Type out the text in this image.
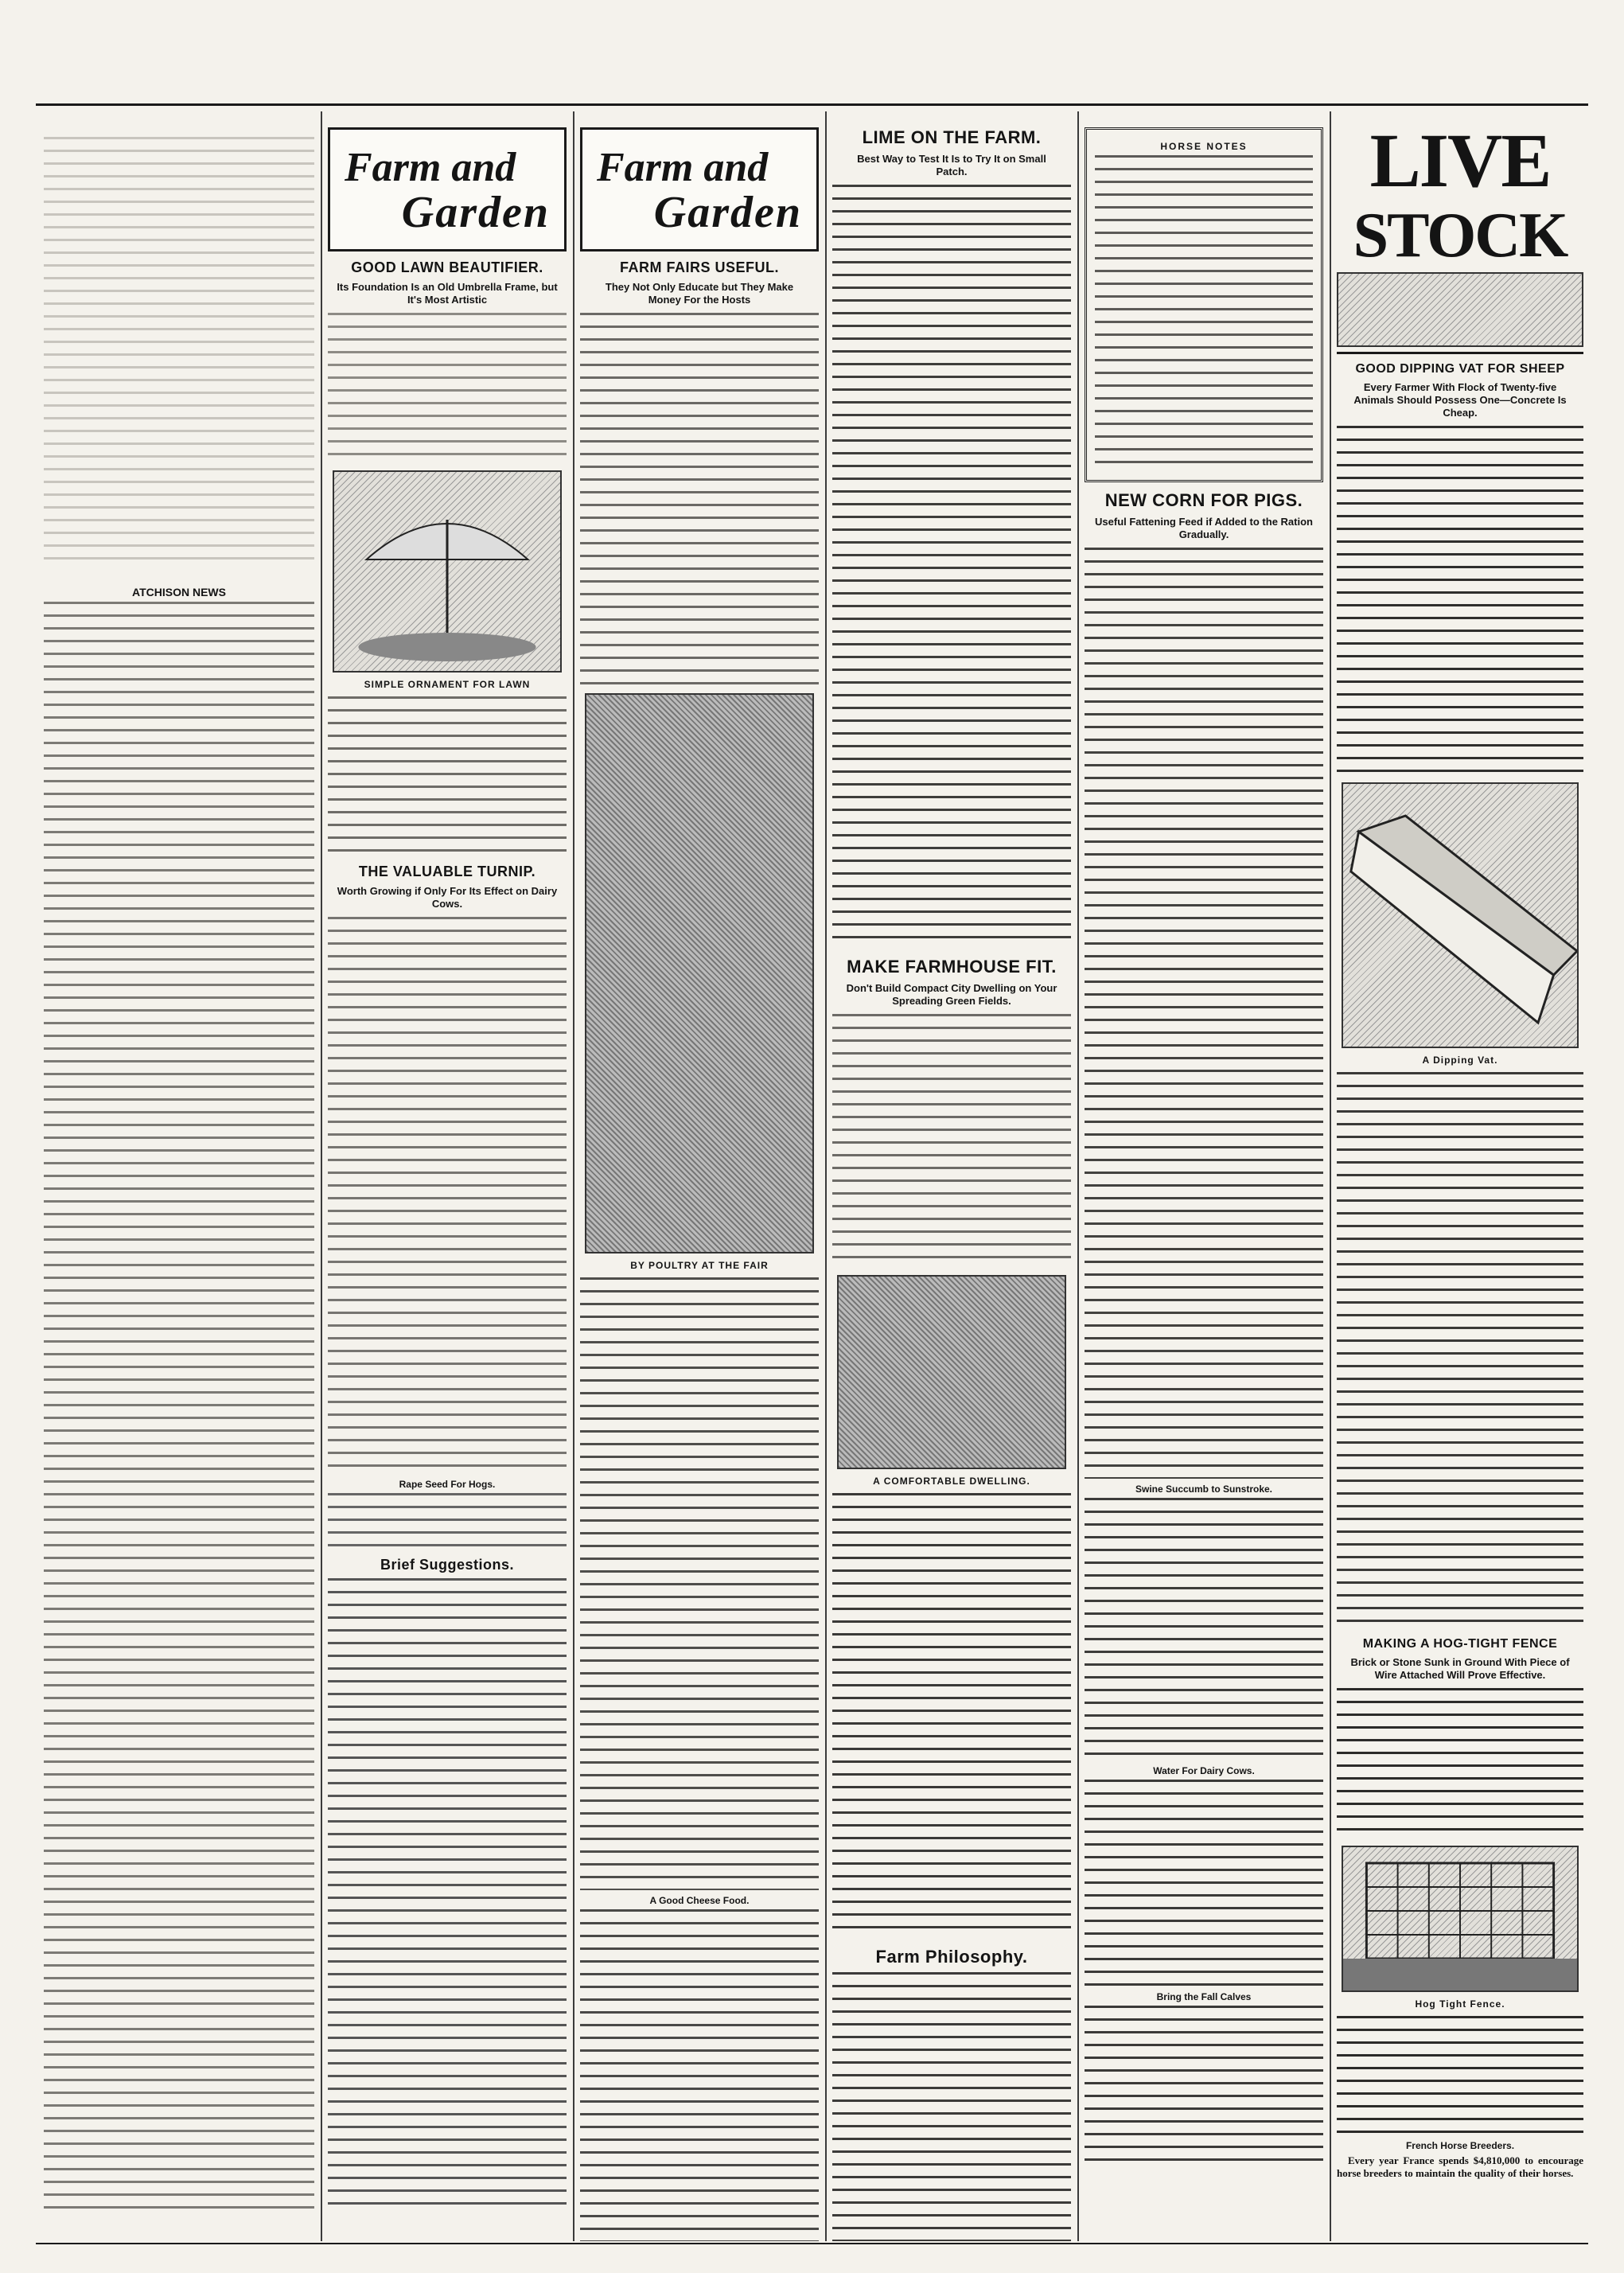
ATCHISON NEWS
Farm and
Garden
GOOD LAWN BEAUTIFIER.
Its Foundation Is an Old Umbrella Frame, but It's Most Artistic
SIMPLE ORNAMENT FOR LAWN
THE VALUABLE TURNIP.
Worth Growing if Only For Its Effect on Dairy Cows.
Rape Seed For Hogs.
Brief Suggestions.
Farm and
Garden
FARM FAIRS USEFUL.
They Not Only Educate but They Make Money For the Hosts
BY POULTRY AT THE FAIR
A Good Cheese Food.
LIME ON THE FARM.
Best Way to Test It Is to Try It on Small Patch.
MAKE FARMHOUSE FIT.
Don't Build Compact City Dwelling on Your Spreading Green Fields.
A COMFORTABLE DWELLING.
Farm Philosophy.
HORSE NOTES
NEW CORN FOR PIGS.
Useful Fattening Feed if Added to the Ration Gradually.
Swine Succumb to Sunstroke.
Water For Dairy Cows.
Bring the Fall Calves
LIVE
STOCK
GOOD DIPPING VAT FOR SHEEP
Every Farmer With Flock of Twenty-five Animals Should Possess One—Concrete Is Cheap.
A Dipping Vat.
MAKING A HOG-TIGHT FENCE
Brick or Stone Sunk in Ground With Piece of Wire Attached Will Prove Effective.
Hog Tight Fence.
French Horse Breeders.

Every year France spends $4,810,000 to encourage horse breeders to maintain the quality of their horses.
